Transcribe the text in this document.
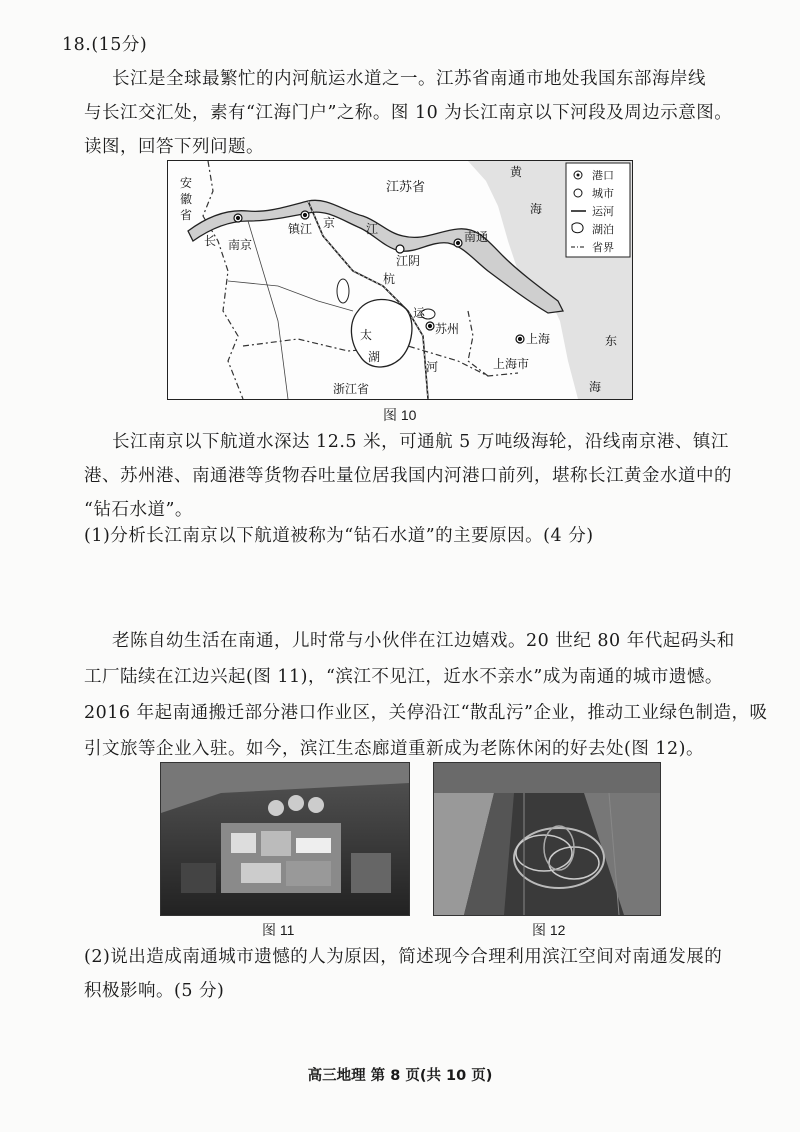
18.(15分)
长江是全球最繁忙的内河航运水道之一。江苏省南通市地处我国东部海岸线
与长江交汇处，素有“江海门户”之称。图 10 为长江南京以下河段及周边示意图。
读图，回答下列问题。
安
徽
省
江苏省
黄
海
南京
长
镇江 京	江
江阴
南通
杭
运
苏州
河
太
湖
上海
上海市
浙江省
东
海
港口
城市
运河
湖泊
省界
图 10
长江南京以下航道水深达 12.5 米，可通航 5 万吨级海轮，沿线南京港、镇江
港、苏州港、南通港等货物吞吐量位居我国内河港口前列，堪称长江黄金水道中的
“钻石水道”。
(1)分析长江南京以下航道被称为“钻石水道”的主要原因。(4 分)
老陈自幼生活在南通，儿时常与小伙伴在江边嬉戏。20 世纪 80 年代起码头和
工厂陆续在江边兴起(图 11)，“滨江不见江，近水不亲水”成为南通的城市遗憾。
2016 年起南通搬迁部分港口作业区，关停沿江“散乱污”企业，推动工业绿色制造，吸
引文旅等企业入驻。如今，滨江生态廊道重新成为老陈休闲的好去处(图 12)。
图 11	图 12
(2)说出造成南通城市遗憾的人为原因，简述现今合理利用滨江空间对南通发展的
积极影响。(5 分)
高三地理 第 8 页(共 10 页)
